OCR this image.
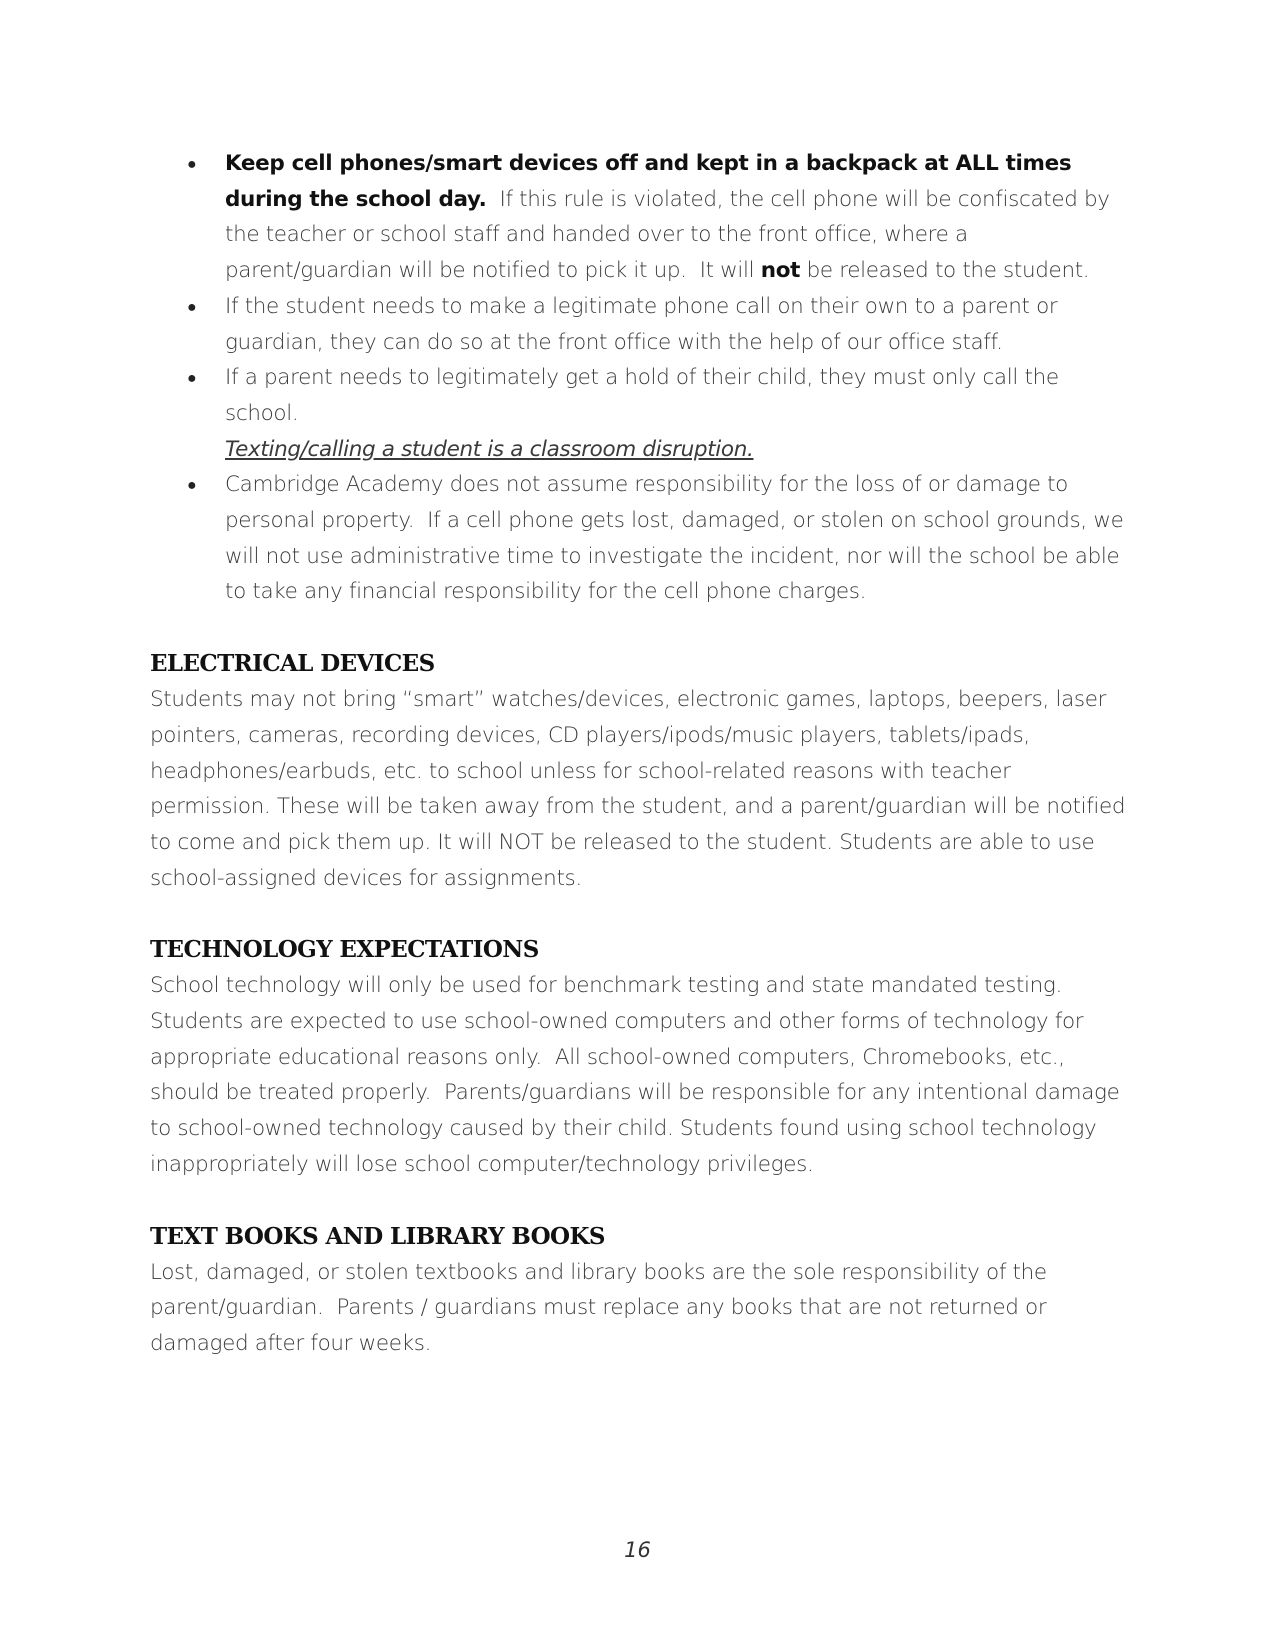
● Keep cell phones/smart devices off and kept in a backpack at ALL times during the school day.  If this rule is violated, the cell phone will be confiscated by the teacher or school staff and handed over to the front office, where a parent/guardian will be notified to pick it up.  It will not be released to the student.
● If the student needs to make a legitimate phone call on their own to a parent or guardian, they can do so at the front office with the help of our office staff.
● If a parent needs to legitimately get a hold of their child, they must only call the school.
Texting/calling a student is a classroom disruption.
● Cambridge Academy does not assume responsibility for the loss of or damage to personal property.  If a cell phone gets lost, damaged, or stolen on school grounds, we will not use administrative time to investigate the incident, nor will the school be able to take any financial responsibility for the cell phone charges.
ELECTRICAL DEVICES

Students may not bring “smart” watches/devices, electronic games, laptops, beepers, laser pointers, cameras, recording devices, CD players/ipods/music players, tablets/ipads, headphones/earbuds, etc. to school unless for school-related reasons with teacher permission. These will be taken away from the student, and a parent/guardian will be notified to come and pick them up. It will NOT be released to the student. Students are able to use school-assigned devices for assignments.

TECHNOLOGY EXPECTATIONS

School technology will only be used for benchmark testing and state mandated testing. Students are expected to use school-owned computers and other forms of technology for appropriate educational reasons only.  All school-owned computers, Chromebooks, etc., should be treated properly.  Parents/guardians will be responsible for any intentional damage to school-owned technology caused by their child. Students found using school technology inappropriately will lose school computer/technology privileges.

TEXT BOOKS AND LIBRARY BOOKS

Lost, damaged, or stolen textbooks and library books are the sole responsibility of the parent/guardian.  Parents / guardians must replace any books that are not returned or damaged after four weeks.

16
